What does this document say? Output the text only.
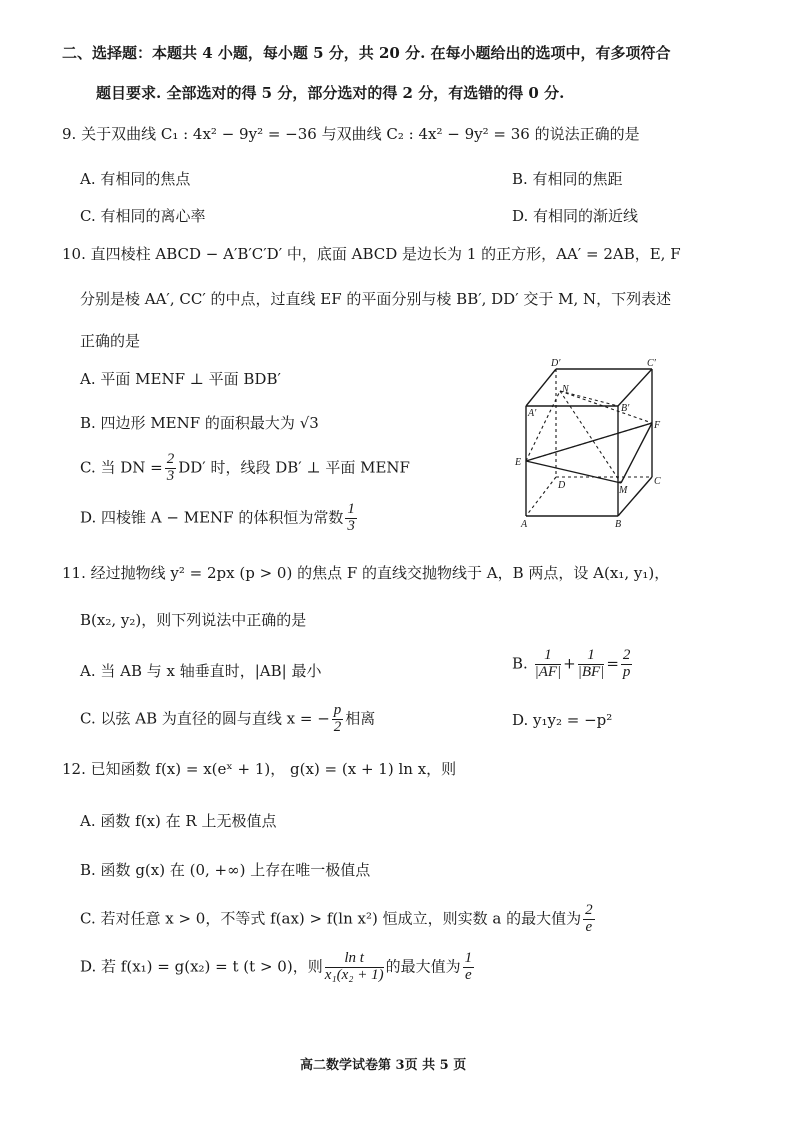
二、选择题：本题共 4 小题，每小题 5 分，共 20 分. 在每小题给出的选项中，有多项符合
题目要求. 全部选对的得 5 分，部分选对的得 2 分，有选错的得 0 分.
9. 关于双曲线 C₁ : 4x² − 9y² = −36 与双曲线 C₂ : 4x² − 9y² = 36 的说法正确的是
A. 有相同的焦点	B. 有相同的焦距
C. 有相同的离心率	D. 有相同的渐近线
10. 直四棱柱 ABCD − A′B′C′D′ 中，底面 ABCD 是边长为 1 的正方形，AA′ = 2AB，E, F
分别是棱 AA′, CC′ 的中点，过直线 EF 的平面分别与棱 BB′, DD′ 交于 M, N，下列表述
正确的是
A. 平面 MENF ⊥ 平面 BDB′
B. 四边形 MENF 的面积最大为 √3
C. 当 DN = $\frac{2}{3} DD'$ 时，线段 DB′ ⊥ 平面 MENF
D. 四棱锥 A − MENF 的体积恒为常数 $\frac{1}{3}$
D′	C′
N
A′	B′
F
E
D	M
C
A	B
11. 经过抛物线 y² = 2px (p > 0) 的焦点 F 的直线交抛物线于 A，B 两点，设 A(x₁, y₁)，
B(x₂, y₂)，则下列说法中正确的是
A. 当 AB 与 x 轴垂直时，|AB| 最小	B. $\frac{1}{|AF|} + \frac{1}{|BF|} = \frac{2}{p}$
C. 以弦 AB 为直径的圆与直线 x = − $\frac{p}{2}$ 相离	D. y₁y₂ = −p²
12. 已知函数 f(x) = x(eˣ + 1)， g(x) = (x + 1) ln x，则
A. 函数 f(x) 在 R 上无极值点
B. 函数 g(x) 在 (0, +∞) 上存在唯一极值点
C. 若对任意 x > 0，不等式 f(ax) > f(ln x²) 恒成立，则实数 a 的最大值为 $\frac{2}{e}$
D. 若 f(x₁) = g(x₂) = t (t > 0)，则 $\frac{\text{ln t}}{\text{x₁(x₂ + 1)}}$ 的最大值为 $\frac{1}{e}$
高二数学试卷第 3页 共 5 页
